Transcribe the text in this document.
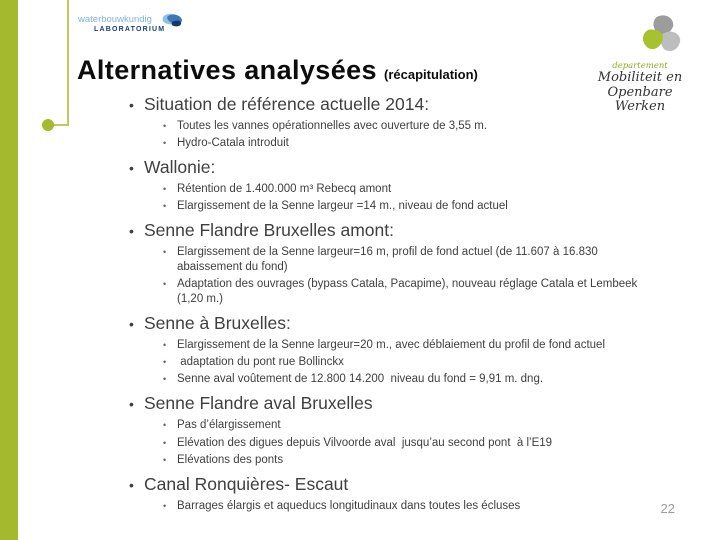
waterbouwkundig
LABORATORIUM
Alternatives analysées (récapitulation)
departement
Mobiliteit en
Openbare Werken
• Situation de référence actuelle 2014:
• Toutes les vannes opérationnelles avec ouverture de 3,55 m.
• Hydro-Catala introduit
• Wallonie:
• Rétention de 1.400.000 m³ Rebecq amont
• Elargissement de la Senne largeur =14 m., niveau de fond actuel
• Senne Flandre Bruxelles amont:
• Elargissement de la Senne largeur=16 m, profil de fond actuel (de 11.607 à 16.830 abaissement du fond)
• Adaptation des ouvrages (bypass Catala, Pacapime), nouveau réglage Catala et Lembeek (1,20 m.)
• Senne à Bruxelles:
• Elargissement de la Senne largeur=20 m., avec déblaiement du profil de fond actuel
• adaptation du pont rue Bollinckx
• Senne aval voûtement de 12.800 14.200  niveau du fond = 9,91 m. dng.
• Senne Flandre aval Bruxelles
• Pas d’élargissement
• Elévation des digues depuis Vilvoorde aval  jusqu’au second pont  à l’E19
• Elévations des ponts
• Canal Ronquières- Escaut
• Barrages élargis et aqueducs longitudinaux dans toutes les écluses	22
